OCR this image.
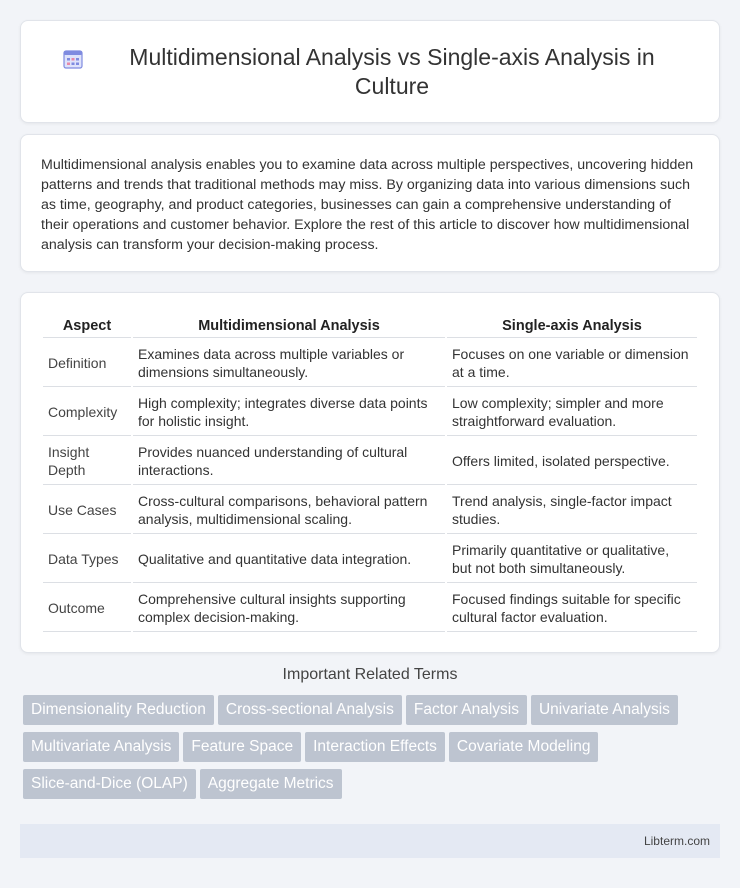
Multidimensional Analysis vs Single-axis Analysis in Culture

Multidimensional analysis enables you to examine data across multiple perspectives, uncovering hidden patterns and trends that traditional methods may miss. By organizing data into various dimensions such as time, geography, and product categories, businesses can gain a comprehensive understanding of their operations and customer behavior. Explore the rest of this article to discover how multidimensional analysis can transform your decision-making process.

Aspect	Multidimensional Analysis	Single-axis Analysis
Definition	Examines data across multiple variables or dimensions simultaneously.	Focuses on one variable or dimension at a time.
Complexity	High complexity; integrates diverse data points for holistic insight.	Low complexity; simpler and more straightforward evaluation.
Insight Depth	Provides nuanced understanding of cultural interactions.	Offers limited, isolated perspective.
Use Cases	Cross-cultural comparisons, behavioral pattern analysis, multidimensional scaling.	Trend analysis, single-factor impact studies.
Data Types	Qualitative and quantitative data integration.	Primarily quantitative or qualitative, but not both simultaneously.
Outcome	Comprehensive cultural insights supporting complex decision-making.	Focused findings suitable for specific cultural factor evaluation.
Important Related Terms
Dimensionality Reduction	Cross-sectional Analysis	Factor Analysis	Univariate Analysis
Multivariate Analysis	Feature Space	Interaction Effects	Covariate Modeling
Slice-and-Dice (OLAP)	Aggregate Metrics
Libterm.com
